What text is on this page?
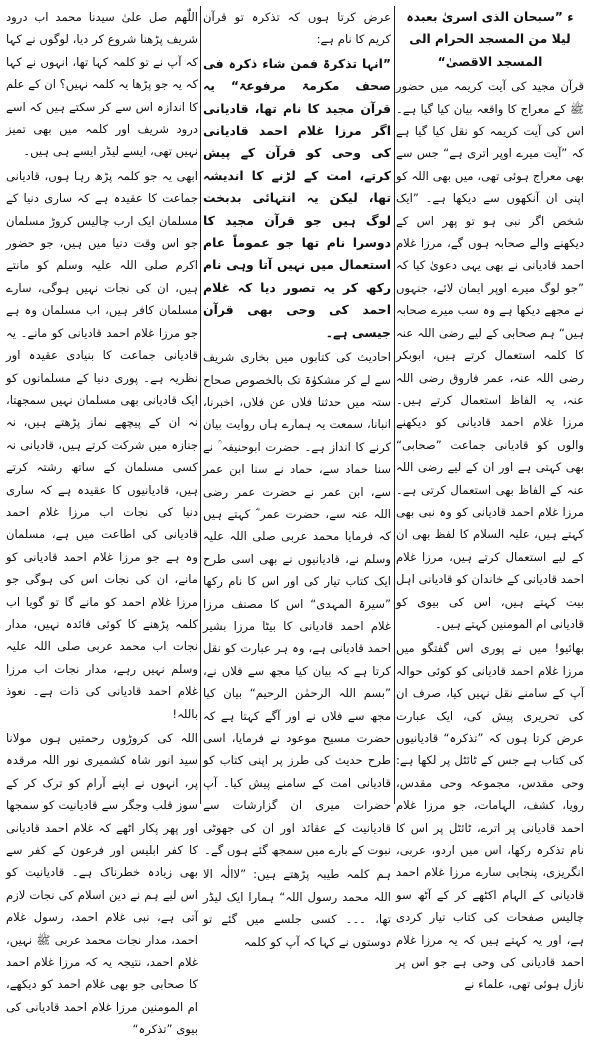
ء ”سبحان الذی اسریٰ بعبدہ لیلا من المسجد الحرام الی المسجد الاقصیٰ“

قرآن مجید کی آیت کریمہ میں حضور ﷺ کے معراج کا واقعہ بیان کیا گیا ہے۔ اس کی آیت کریمہ کو نقل کیا گیا ہے کہ ”آیت میرے اوپر اتری ہے“ جس سے بھی معراج ہوئی تھی، میں بھی اللہ کو اپنی ان آنکھوں سے دیکھا ہے۔ ”ایک شخص اگر نبی ہو تو پھر اس کے دیکھنے والے صحابہ ہوں گے، مرزا غلام احمد قادیانی نے بھی یہی دعویٰ کیا کہ ”جو لوگ میرے اوپر ایمان لائے، جنہوں نے مجھے دیکھا ہے وہ سب میرے صحابہ ہیں“ ہم صحابی کے لیے رضی اللہ عنہ کا کلمہ استعمال کرتے ہیں، ابوبکر رضی اللہ عنہ، عمر فاروق رضی اللہ عنہ، یہ الفاظ استعمال کرتے ہیں۔ مرزا غلام احمد قادیانی کو دیکھنے والوں کو قادیانی جماعت ”صحابی“ بھی کہتی ہے اور ان کے لیے رضی اللہ عنہ کے الفاظ بھی استعمال کرتی ہے۔ مرزا غلام احمد قادیانی کو وہ نبی بھی کہتے ہیں، علیہ السلام کا لفظ بھی ان کے لیے استعمال کرتے ہیں، مرزا غلام احمد قادیانی کے خاندان کو قادیانی اہل بیت کہتے ہیں، اس کی بیوی کو قادیانی ام المومنین کہتے ہیں۔

بھائیو! میں نے پوری اس گفتگو میں مرزا غلام احمد قادیانی کو کوئی حوالہ آپ کے سامنے نقل نہیں کیا، صرف ان کی تحریری پیش کی، ایک عبارت عرض کرتا ہوں کہ ”تذکرہ“ قادیانیوں کی کتاب ہے جس کے ٹائٹل پر لکھا ہے: وحی مقدس، مجموعہ وحی مقدس، رویا، کشف، الہامات، جو مرزا غلام احمد قادیانی پر اترے، ٹائٹل پر اس کا نام تذکرہ رکھا، اس میں اردو، عربی، انگریزی، پنجابی سارے مرزا غلام احمد قادیانی کے الہام اکٹھے کر کے آٹھ سو چالیس صفحات کی کتاب تیار کردی ہے، اور یہ کہتے ہیں کہ یہ مرزا غلام احمد قادیانی کی وحی ہے جو اس پر نازل ہوئی تھی، علماء نے

عرض کرتا ہوں کہ تذکرہ تو قرآن کریم کا نام ہے:

”انہا تذکرۃ فمن شاء ذکرہ فی صحف مکرمۃ مرفوعۃ“ یہ قرآن مجید کا نام تھا، قادیانی اگر مرزا غلام احمد قادیانی کی وحی کو قرآن کے پیش کرتے، امت کے لڑنے کا اندیشہ تھا، لیکن یہ انتہائی بدبخت لوگ ہیں جو قرآن مجید کا دوسرا نام تھا جو عموماً عام استعمال میں نہیں آتا وہی نام رکھ کر یہ تصور دیا کہ غلام احمد کی وحی بھی قرآن جیسی ہے۔

احادیث کی کتابوں میں بخاری شریف سے لے کر مشکوٰۃ تک بالخصوص صحاح ستہ میں حدثنا فلاں عن فلاں، اخبرنا، انبانا، سمعت یہ ہمارے ہاں روایت بیان کرنے کا انداز ہے۔ حضرت ابوحنیفہ ؒ نے سنا حماد سے، حماد نے سنا ابن عمر سے، ابن عمر نے حضرت عمر رضی اللہ عنہ سے، حضرت عمر ؓ کہتے ہیں کہ فرمایا محمد عربی صلی اللہ علیہ وسلم نے، قادیانیوں نے بھی اسی طرح ایک کتاب تیار کی اور اس کا نام رکھا ”سیرۃ المہدی“ اس کا مصنف مرزا غلام احمد قادیانی کا بیٹا مرزا بشیر احمد قادیانی ہے، وہ ہر عبارت کو نقل کرتا ہے کہ بیان کیا مجھ سے فلاں نے، ”بسم اللہ الرحمٰن الرحیم“ بیان کیا مجھ سے فلاں نے اور آگے کہتا ہے کہ حضرت مسیح موعود نے فرمایا، اسی طرح حدیث کی طرز پر اپنی کتاب کو قادیانی امت کے سامنے پیش کیا۔ آپ حضرات میری ان گزارشات سے قادیانیت کے عقائد اور ان کی جھوٹی نبوت کے بارے میں سمجھ گئے ہوں گے۔

ہم کلمہ طیبہ پڑھتے ہیں: ”لاالٰہ الا اللہ محمد رسول اللہ“ ہمارا ایک لیڈر تھا، ۔۔۔ کسی جلسے میں گئے تو دوستوں نے کہا کہ آپ کو کلمہ

اللّٰھم صل علیٰ سیدنا محمد اب درود شریف پڑھنا شروع کر دیا، لوگوں نے کہا کہ آپ نے تو کلمہ کہا تھا، انہوں نے کہا کہ یہ جو پڑھا یہ کلمہ نہیں؟ ان کے علم کا اندازہ اس سے کر سکتے ہیں کہ اسے درود شریف اور کلمہ میں بھی تمیز نہیں تھی، ایسے لیڈر ایسے ہی ہیں۔

ابھی یہ جو کلمہ پڑھ رہا ہوں، قادیانی جماعت کا عقیدہ ہے کہ ساری دنیا کے مسلمان ایک ارب چالیس کروڑ مسلمان جو اس وقت دنیا میں ہیں، جو حضور اکرم صلی اللہ علیہ وسلم کو مانتے ہیں، ان کی نجات نہیں ہوگی، سارے مسلمان کافر ہیں، اب مسلمان وہ ہے جو مرزا غلام احمد قادیانی کو مانے۔ یہ قادیانی جماعت کا بنیادی عقیدہ اور نظریہ ہے۔ پوری دنیا کے مسلمانوں کو ایک قادیانی بھی مسلمان نہیں سمجھتا، نہ ان کے پیچھے نماز پڑھتے ہیں، نہ جنازہ میں شرکت کرتے ہیں، قادیانی نہ کسی مسلمان کے ساتھ رشتہ کرتے ہیں، قادیانیوں کا عقیدہ ہے کہ ساری دنیا کی نجات اب مرزا غلام احمد قادیانی کی اطاعت میں ہے، مسلمان وہ ہے جو مرزا غلام احمد قادیانی کو مانے، ان کی نجات اس کی ہوگی جو مرزا غلام احمد کو مانے گا تو گویا اب کلمہ پڑھنے کا کوئی فائدہ نہیں، مدار نجات اب محمد عربی صلی اللہ علیہ وسلم نہیں رہے، مدار نجات اب مرزا غلام احمد قادیانی کی ذات ہے۔ نعوذ باللہ!

اللہ کی کروڑوں رحمتیں ہوں مولانا سید انور شاہ کشمیری نور اللہ مرقدہ پر، انہوں نے اپنے آرام کو ترک کر کے سوز قلب وجگر سے قادیانیت کو سمجھا اور پھر پکار اٹھے کہ غلام احمد قادیانی کا کفر ابلیس اور فرعون کے کفر سے بھی زیادہ خطرناک ہے۔ قادیانیت کو اس لیے ہم نے دین اسلام کی نجات لازم آتی ہے، نبی غلام احمد، رسول غلام احمد، مدار نجات محمد عربی ﷺ نہیں، غلام احمد، نتیجہ یہ کہ مرزا غلام احمد کا صحابی جو بھی غلام احمد کو دیکھے، ام المومنین مرزا غلام احمد قادیانی کی بیوی ”تذکرہ“
